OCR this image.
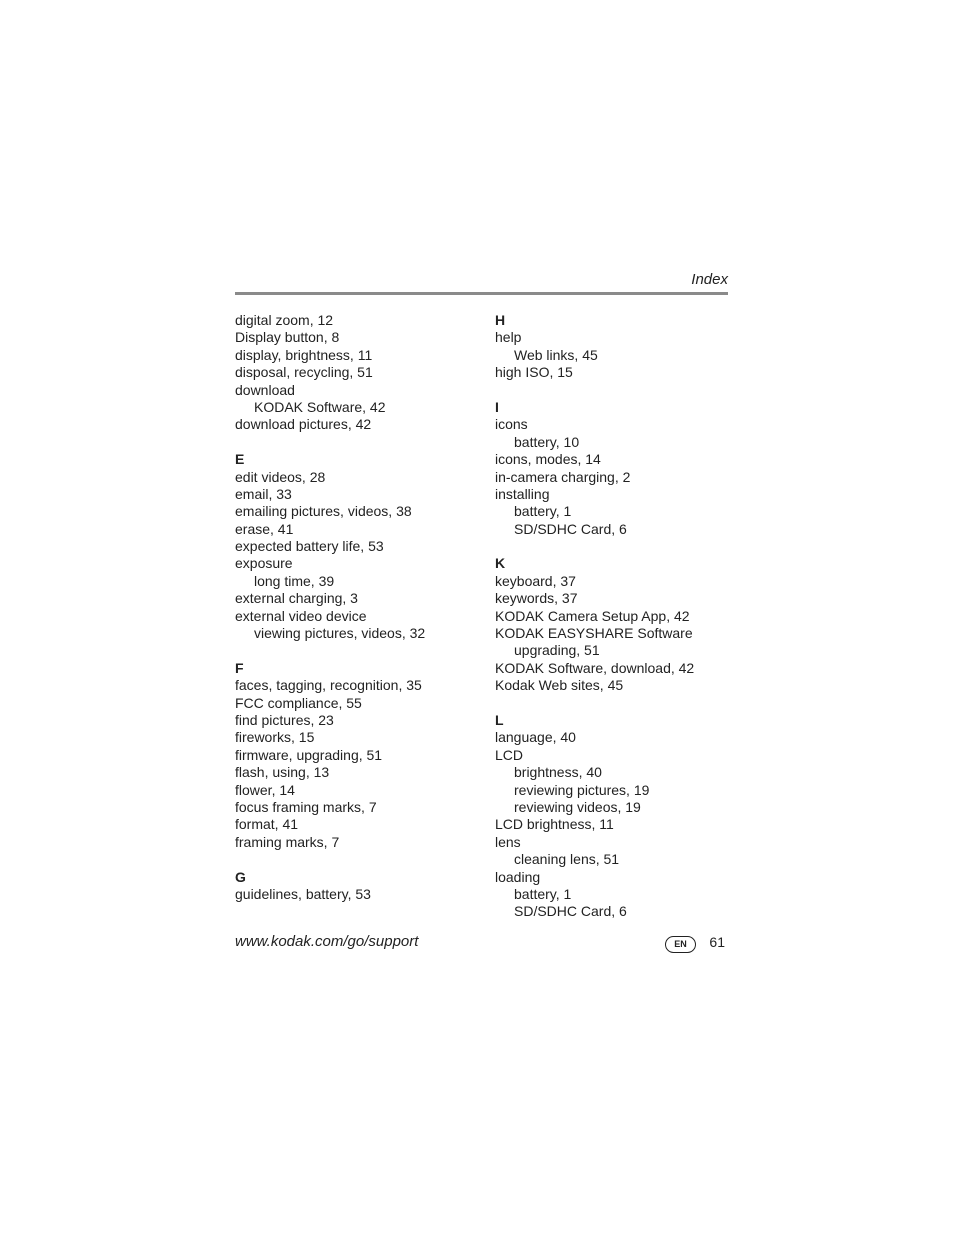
Index
digital zoom, 12
Display button, 8
display, brightness, 11
disposal, recycling, 51
download
KODAK Software, 42
download pictures, 42
E
edit videos, 28
email, 33
emailing pictures, videos, 38
erase, 41
expected battery life, 53
exposure
long time, 39
external charging, 3
external video device
viewing pictures, videos, 32
F
faces, tagging, recognition, 35
FCC compliance, 55
find pictures, 23
fireworks, 15
firmware, upgrading, 51
flash, using, 13
flower, 14
focus framing marks, 7
format, 41
framing marks, 7
G
guidelines, battery, 53
H
help
Web links, 45
high ISO, 15
I
icons
battery, 10
icons, modes, 14
in-camera charging, 2
installing
battery, 1
SD/SDHC Card, 6
K
keyboard, 37
keywords, 37
KODAK Camera Setup App, 42
KODAK EASYSHARE Software
upgrading, 51
KODAK Software, download, 42
Kodak Web sites, 45
L
language, 40
LCD
brightness, 40
reviewing pictures, 19
reviewing videos, 19
LCD brightness, 11
lens
cleaning lens, 51
loading
battery, 1
SD/SDHC Card, 6
www.kodak.com/go/support	EN	61
